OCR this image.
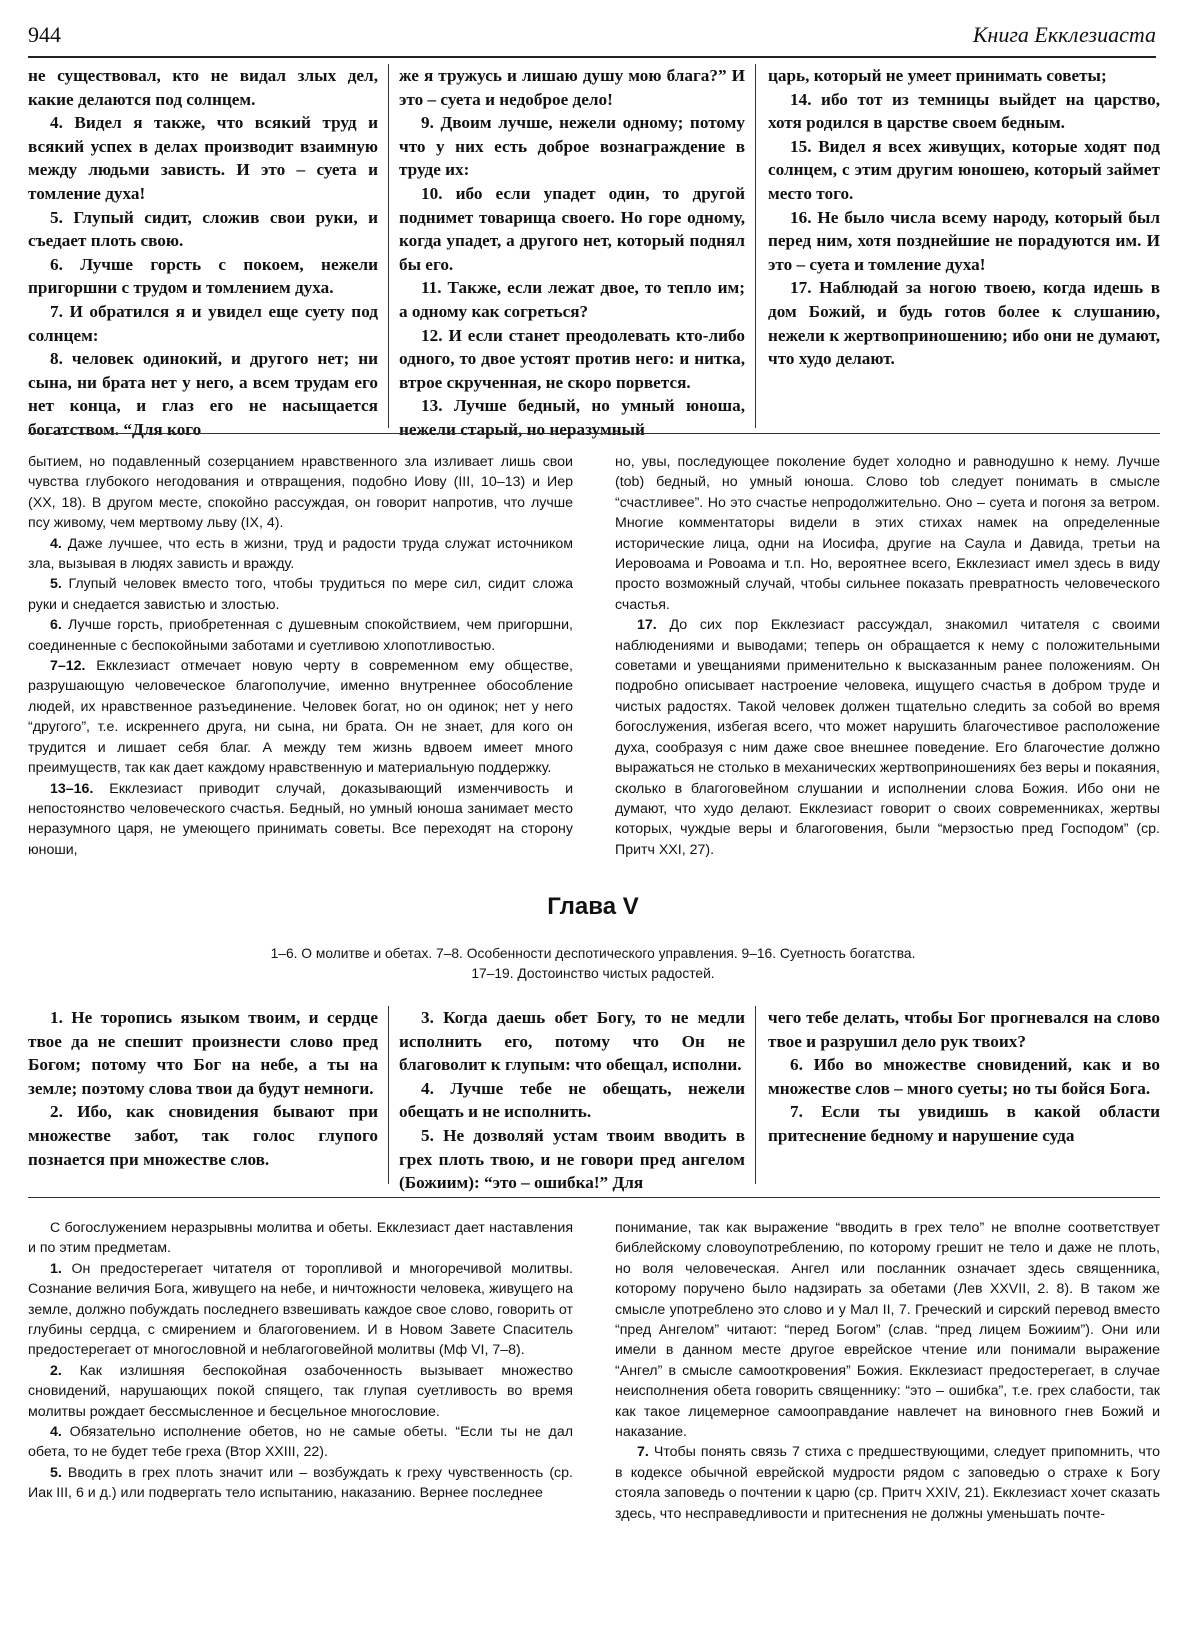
944	Книга Екклезиаста

не существовал, кто не видал злых дел, какие делаются под солнцем.

4. Видел я также, что всякий труд и всякий успех в делах производит взаимную между людьми зависть. И это – суета и томление духа!

5. Глупый сидит, сложив свои руки, и съедает плоть свою.

6. Лучше горсть с покоем, нежели пригоршни с трудом и томлением духа.

7. И обратился я и увидел еще суету под солнцем:

8. человек одинокий, и другого нет; ни сына, ни брата нет у него, а всем трудам его нет конца, и глаз его не насыщается богатством. “Для кого

же я тружусь и лишаю душу мою блага?” И это – суета и недоброе дело!

9. Двоим лучше, нежели одному; потому что у них есть доброе вознаграждение в труде их:

10. ибо если упадет один, то другой поднимет товарища своего. Но горе одному, когда упадет, а другого нет, который поднял бы его.

11. Также, если лежат двое, то тепло им; а одному как согреться?

12. И если станет преодолевать кто-либо одного, то двое устоят против него: и нитка, втрое скрученная, не скоро порвется.

13. Лучше бедный, но умный юноша, нежели старый, но неразумный

царь, который не умеет принимать советы;

14. ибо тот из темницы выйдет на царство, хотя родился в царстве своем бедным.

15. Видел я всех живущих, которые ходят под солнцем, с этим другим юношею, который займет место того.

16. Не было числа всему народу, который был перед ним, хотя позднейшие не порадуются им. И это – суета и томление духа!

17. Наблюдай за ногою твоею, когда идешь в дом Божий, и будь готов более к слушанию, нежели к жертвоприношению; ибо они не думают, что худо делают.

бытием, но подавленный созерцанием нравственного зла изливает лишь свои чувства глубокого негодования и отвращения, подобно Иову (III, 10–13) и Иер (XX, 18). В другом месте, спокойно рассуждая, он говорит напротив, что лучше псу живому, чем мертвому льву (IX, 4).

4. Даже лучшее, что есть в жизни, труд и радости труда служат источником зла, вызывая в людях зависть и вражду.

5. Глупый человек вместо того, чтобы трудиться по мере сил, сидит сложа руки и снедается завистью и злостью.

6. Лучше горсть, приобретенная с душевным спокойствием, чем пригоршни, соединенные с беспокойными заботами и суетливою хлопотливостью.

7–12. Екклезиаст отмечает новую черту в современном ему обществе, разрушающую человеческое благополучие, именно внутреннее обособление людей, их нравственное разъединение. Человек богат, но он одинок; нет у него “другого”, т.е. искреннего друга, ни сына, ни брата. Он не знает, для кого он трудится и лишает себя благ. А между тем жизнь вдвоем имеет много преимуществ, так как дает каждому нравственную и материальную поддержку.

13–16. Екклезиаст приводит случай, доказывающий изменчивость и непостоянство человеческого счастья. Бедный, но умный юноша занимает место неразумного царя, не умеющего принимать советы. Все переходят на сторону юноши,

но, увы, последующее поколение будет холодно и равнодушно к нему. Лучше (tob) бедный, но умный юноша. Слово tob следует понимать в смысле “счастливее”. Но это счастье непродолжительно. Оно – суета и погоня за ветром. Многие комментаторы видели в этих стихах намек на определенные исторические лица, одни на Иосифа, другие на Саула и Давида, третьи на Иеровоама и Ровоама и т.п. Но, вероятнее всего, Екклезиаст имел здесь в виду просто возможный случай, чтобы сильнее показать превратность человеческого счастья.

17. До сих пор Екклезиаст рассуждал, знакомил читателя с своими наблюдениями и выводами; теперь он обращается к нему с положительными советами и увещаниями применительно к высказанным ранее положениям. Он подробно описывает настроение человека, ищущего счастья в добром труде и чистых радостях. Такой человек должен тщательно следить за собой во время богослужения, избегая всего, что может нарушить благочестивое расположение духа, сообразуя с ним даже свое внешнее поведение. Его благочестие должно выражаться не столько в механических жертвоприношениях без веры и покаяния, сколько в благоговейном слушании и исполнении слова Божия. Ибо они не думают, что худо делают. Екклезиаст говорит о своих современниках, жертвы которых, чуждые веры и благоговения, были “мерзостью пред Господом” (ср. Притч XXI, 27).

Глава V
1–6. О молитве и обетах. 7–8. Особенности деспотического управления. 9–16. Суетность богатства.
17–19. Достоинство чистых радостей.

1. Не торопись языком твоим, и сердце твое да не спешит произнести слово пред Богом; потому что Бог на небе, а ты на земле; поэтому слова твои да будут немноги.

2. Ибо, как сновидения бывают при множестве забот, так голос глупого познается при множестве слов.

3. Когда даешь обет Богу, то не медли исполнить его, потому что Он не благоволит к глупым: что обещал, исполни.

4. Лучше тебе не обещать, нежели обещать и не исполнить.

5. Не дозволяй устам твоим вводить в грех плоть твою, и не говори пред ангелом (Божиим): “это – ошибка!” Для

чего тебе делать, чтобы Бог прогневался на слово твое и разрушил дело рук твоих?

6. Ибо во множестве сновидений, как и во множестве слов – много суеты; но ты бойся Бога.

7. Если ты увидишь в какой области притеснение бедному и нарушение суда

С богослужением неразрывны молитва и обеты. Екклезиаст дает наставления и по этим предметам.

1. Он предостерегает читателя от торопливой и многоречивой молитвы. Сознание величия Бога, живущего на небе, и ничтожности человека, живущего на земле, должно побуждать последнего взвешивать каждое свое слово, говорить от глубины сердца, с смирением и благоговением. И в Новом Завете Спаситель предостерегает от многословной и неблагоговейной молитвы (Мф VI, 7–8).

2. Как излишняя беспокойная озабоченность вызывает множество сновидений, нарушающих покой спящего, так глупая суетливость во время молитвы рождает бессмысленное и бесцельное многословие.

4. Обязательно исполнение обетов, но не самые обеты. “Если ты не дал обета, то не будет тебе греха (Втор XXIII, 22).

5. Вводить в грех плоть значит или – возбуждать к греху чувственность (ср. Иак III, 6 и д.) или подвергать тело испытанию, наказанию. Вернее последнее

понимание, так как выражение “вводить в грех тело” не вполне соответствует библейскому словоупотреблению, по которому грешит не тело и даже не плоть, но воля человеческая. Ангел или посланник означает здесь священника, которому поручено было надзирать за обетами (Лев XXVII, 2. 8). В таком же смысле употреблено это слово и у Мал II, 7. Греческий и сирский перевод вместо “пред Ангелом” читают: “перед Богом” (слав. “пред лицем Божиим”). Они или имели в данном месте другое еврейское чтение или понимали выражение “Ангел” в смысле самооткровения” Божия. Екклезиаст предостерегает, в случае неисполнения обета говорить священнику: “это – ошибка”, т.е. грех слабости, так как такое лицемерное самооправдание навлечет на виновного гнев Божий и наказание.

7. Чтобы понять связь 7 стиха с предшествующими, следует припомнить, что в кодексе обычной еврейской мудрости рядом с заповедью о страхе к Богу стояла заповедь о почтении к царю (ср. Притч XXIV, 21). Екклезиаст хочет сказать здесь, что несправедливости и притеснения не должны уменьшать почте-
